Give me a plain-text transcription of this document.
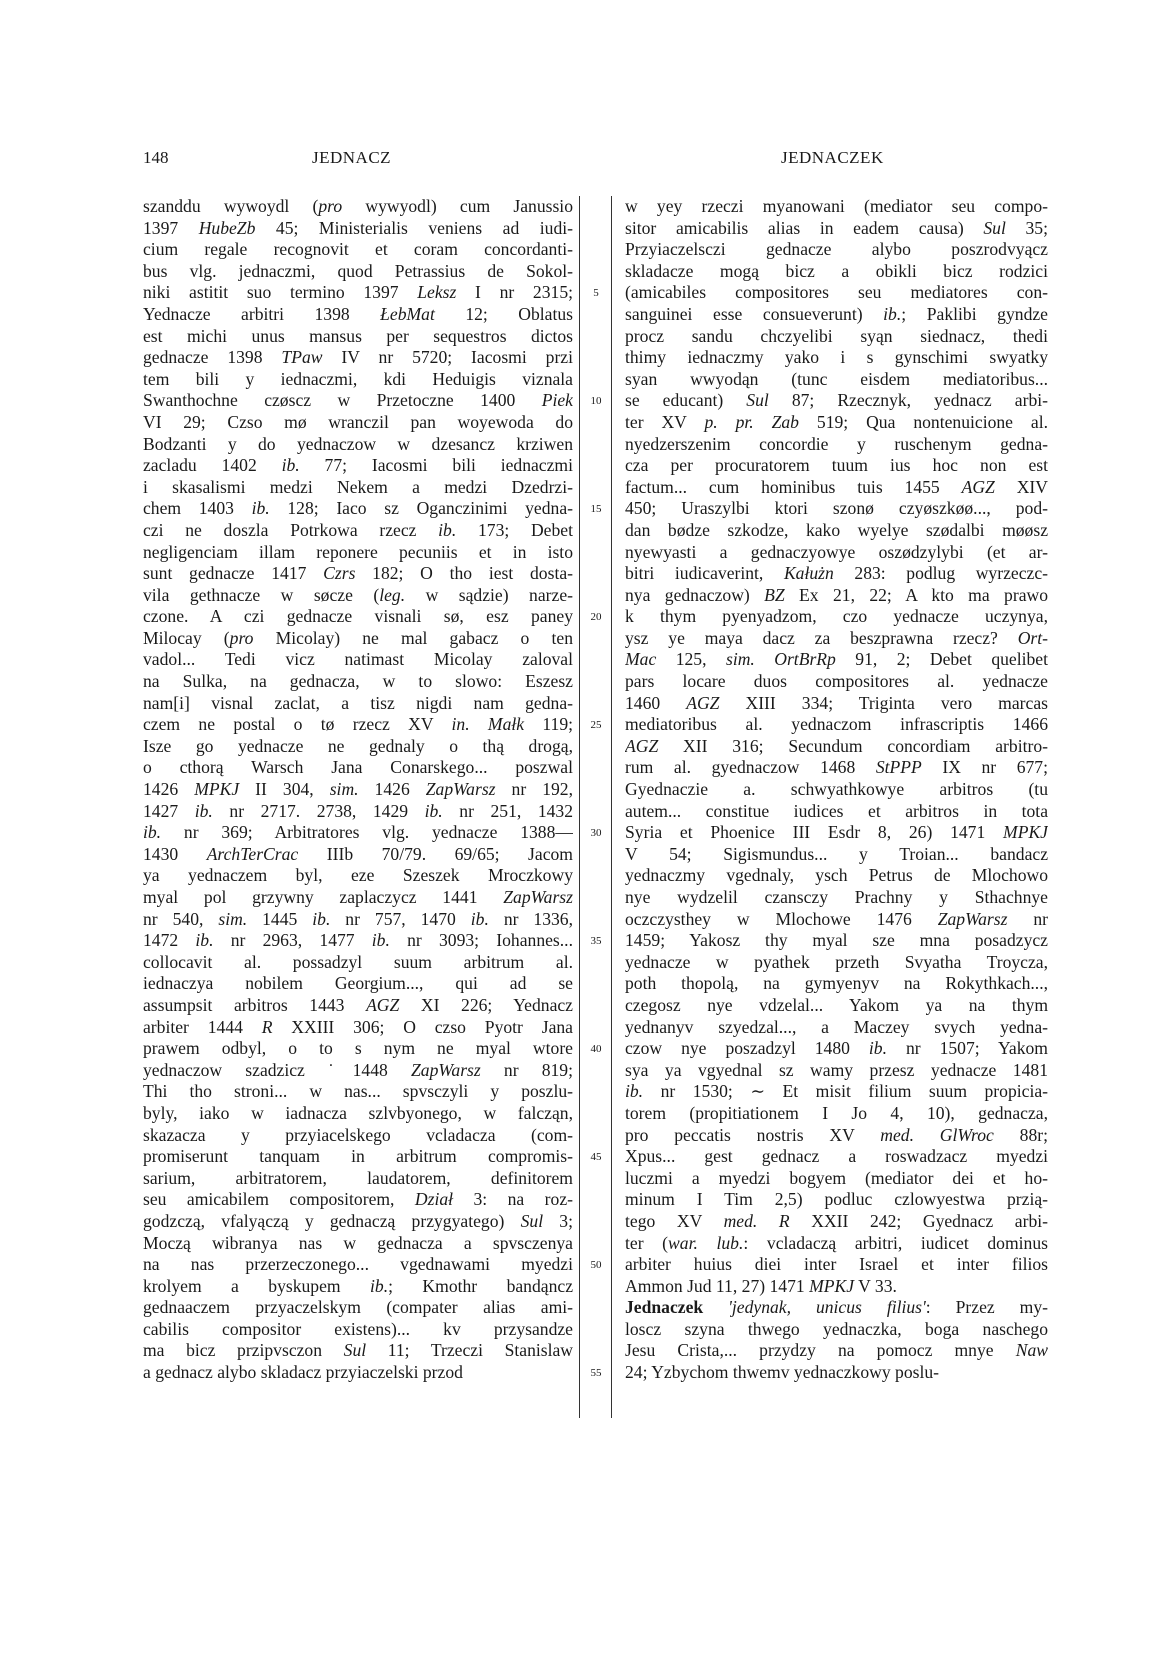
148	JEDNACZ	JEDNACZEK
szanddu wywoydl (pro wywyodl) cum Janussio
1397 HubeZb 45; Ministerialis veniens ad iudi-
cium regale recognovit et coram concordanti-
bus vlg. jednaczmi, quod Petrassius de Sokol-
niki astitit suo termino 1397 Leksz I nr 2315;
Yednacze arbitri 1398 ŁebMat 12; Oblatus
est michi unus mansus per sequestros dictos
gednacze 1398 TPaw IV nr 5720; Iacosmi przi
tem bili y iednaczmi, kdi Heduigis viznala
Swanthochne czøscz w Przetoczne 1400 Piek
VI 29; Czso mø wranczil pan woyewoda do
Bodzanti y do yednaczow w dzesancz krziwen
zacladu 1402 ib. 77; Iacosmi bili iednaczmi
i skasalismi medzi Nekem a medzi Dzedrzi-
chem 1403 ib. 128; Iaco sz Oganczinimi yedna-
czi ne doszla Potrkowa rzecz ib. 173; Debet
negligenciam illam reponere pecuniis et in isto
sunt gednacze 1417 Czrs 182; O tho iest dosta-
vila gethnacze w søcze (leg. w sądzie) narze-
czone. A czi gednacze visnali sø, esz paney
Milocay (pro Micolay) ne mal gabacz o ten
vadol... Tedi vicz natimast Micolay zaloval
na Sulka, na gednacza, w to slowo: Eszesz
nam[i] visnal zaclat, a tisz nigdi nam gedna-
czem ne postal o tø rzecz XV in. Małk 119;
Isze go yednacze ne gednaly o thą drogą,
o cthorą Warsch Jana Conarskego... poszwal
1426 MPKJ II 304, sim. 1426 ZapWarsz nr 192,
1427 ib. nr 2717. 2738, 1429 ib. nr 251, 1432
ib. nr 369; Arbitratores vlg. yednacze 1388—
1430 ArchTerCrac IIIb 70/79. 69/65; Jacom
ya yednaczem byl, eze Szeszek Mroczkowy
myal pol grzywny zaplaczycz 1441 ZapWarsz
nr 540, sim. 1445 ib. nr 757, 1470 ib. nr 1336,
1472 ib. nr 2963, 1477 ib. nr 3093; Iohannes...
collocavit al. possadzyl suum arbitrum al.
iednaczya nobilem Georgium..., qui ad se
assumpsit arbitros 1443 AGZ XI 226; Yednacz
arbiter 1444 R XXIII 306; O czso Pyotr Jana
prawem odbyl, o to s nym ne myal wtore
yednaczow szadzicz ˙1448 ZapWarsz nr 819;
Thi tho stroni... w nas... spvsczyli y poszlu-
byly, iako w iadnacza szlvbyonego, w falcząn,
skazacza y przyiacelskego vcladacza (com-
promiserunt tanquam in arbitrum compromis-
sarium, arbitratorem, laudatorem, definitorem
seu amicabilem compositorem, Dział 3: na roz-
godzczą, vfalyączą y gednaczą przygyatego) Sul 3;
Moczą wibranya nas w gednacza a spvsczenya
na nas przerzeczonego... vgednawami myedzi
krolyem a byskupem ib.; Kmothr bandąncz
gednaaczem przyaczelskym (compater alias ami-
cabilis compositor existens)... kv przysandze
ma bicz przipvsczon Sul 11; Trzeczi Stanislaw
a gednacz alybo skladacz przyiaczelski przod
5
10
15
20
25
30
35
40
45
50
55
w yey rzeczi myanowani (mediator seu compo-
sitor amicabilis alias in eadem causa) Sul 35;
Przyiaczelsczi gednacze alybo poszrodvyącz
skladacze mogą bicz a obikli bicz rodzici
(amicabiles compositores seu mediatores con-
sanguinei esse consueverunt) ib.; Paklibi gyndze
procz sandu chczyelibi syąn siednacz, thedi
thimy iednaczmy yako i s gynschimi swyatky
syan wwyodąn (tunc eisdem mediatoribus...
se educant) Sul 87; Rzecznyk, yednacz arbi-
ter XV p. pr. Zab 519; Qua nontenuicione al.
nyedzerszenim concordie y ruschenym gedna-
cza per procuratorem tuum ius hoc non est
factum... cum hominibus tuis 1455 AGZ XIV
450; Uraszylbi ktori szonø czyøszkøø..., pod-
dan bødze szkodze, kako wyelye szødalbi møøsz
nyewyasti a gednaczyowye oszødzylybi (et ar-
bitri iudicaverint, Kałużn 283: podlug wyrzeczc-
nya gednaczow) BZ Ex 21, 22; A kto ma prawo
k thym pyenyadzom, czo yednacze uczynya,
ysz ye maya dacz za beszprawna rzecz? Ort-
Mac 125, sim. OrtBrRp 91, 2; Debet quelibet
pars locare duos compositores al. yednacze
1460 AGZ XIII 334; Triginta vero marcas
mediatoribus al. yednaczom infrascriptis 1466
AGZ XII 316; Secundum concordiam arbitro-
rum al. gyednaczow 1468 StPPP IX nr 677;
Gyednaczie a. schwyathkowye arbitros (tu
autem... constitue iudices et arbitros in tota
Syria et Phoenice III Esdr 8, 26) 1471 MPKJ
V 54; Sigismundus... y Troian... bandacz
yednaczmy vgednaly, ysch Petrus de Mlochowo
nye wydzelil czansczy Prachny y Sthachnye
oczczysthey w Mlochowe 1476 ZapWarsz nr
1459; Yakosz thy myal sze mna posadzycz
yednacze w pyathek przeth Svyatha Troycza,
poth thopolą, na gymyenyv na Rokythkach...,
czegosz nye vdzelal... Yakom ya na thym
yednanyv szyedzal..., a Maczey svych yedna-
czow nye poszadzyl 1480 ib. nr 1507; Yakom
sya ya vgyednal sz wamy przesz yednacze 1481
ib. nr 1530; ∼ Et misit filium suum propicia-
torem (propitiationem I Jo 4, 10), gednacza,
pro peccatis nostris XV med. GlWroc 88r;
Xpus... gest gednacz a roswadzacz myedzi
luczmi a myedzi bogyem (mediator dei et ho-
minum I Tim 2,5) podluc czlowyestwa przią-
tego XV med. R XXII 242; Gyednacz arbi-
ter (war. lub.: vcladaczą arbitri, iudicet dominus
arbiter huius diei inter Israel et inter filios
Ammon Jud 11, 27) 1471 MPKJ V 33.
Jednaczek 'jedynak, unicus filius': Przez my-
loscz szyna thwego yednaczka, boga naschego
Jesu Crista,... przydzy na pomocz mnye Naw
24; Yzbychom thwemv yednaczkowy poslu-
